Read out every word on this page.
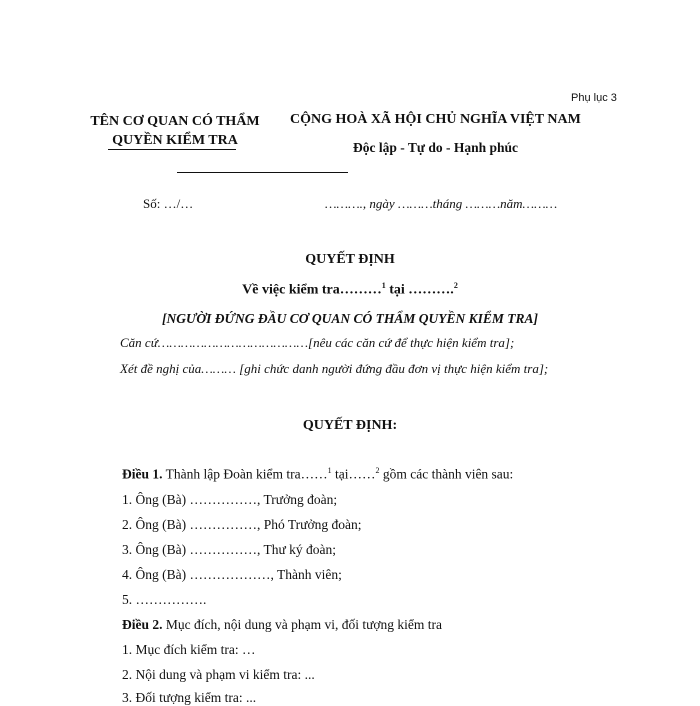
Phụ lục 3
TÊN CƠ QUAN CÓ THẨM QUYỀN KIỂM TRA
CỘNG HOÀ XÃ HỘI CHỦ NGHĨA VIỆT NAM
Độc lập - Tự do - Hạnh phúc
Số: …/…	………., ngày ………tháng ………năm………
QUYẾT ĐỊNH
Về việc kiểm tra………$^1$ tại ……….$^2$
[NGƯỜI ĐỨNG ĐẦU CƠ QUAN CÓ THẨM QUYỀN KIỂM TRA]
Căn cứ…………………………………[nêu các căn cứ để thực hiện kiểm tra];
Xét đề nghị của……… [ghi chức danh người đứng đầu đơn vị thực hiện kiểm tra];
QUYẾT ĐỊNH:
Điều 1. Thành lập Đoàn kiểm tra……$^1$ tại……$^2$ gồm các thành viên sau:
1. Ông (Bà) ……………, Trưởng đoàn;
2. Ông (Bà) ……………, Phó Trưởng đoàn;
3. Ông (Bà) ……………, Thư ký đoàn;
4. Ông (Bà) ………………, Thành viên;
5. …………….
Điều 2. Mục đích, nội dung và phạm vi, đối tượng kiểm tra
1. Mục đích kiểm tra: …
2. Nội dung và phạm vi kiểm tra: ...
3. Đối tượng kiểm tra: ...
